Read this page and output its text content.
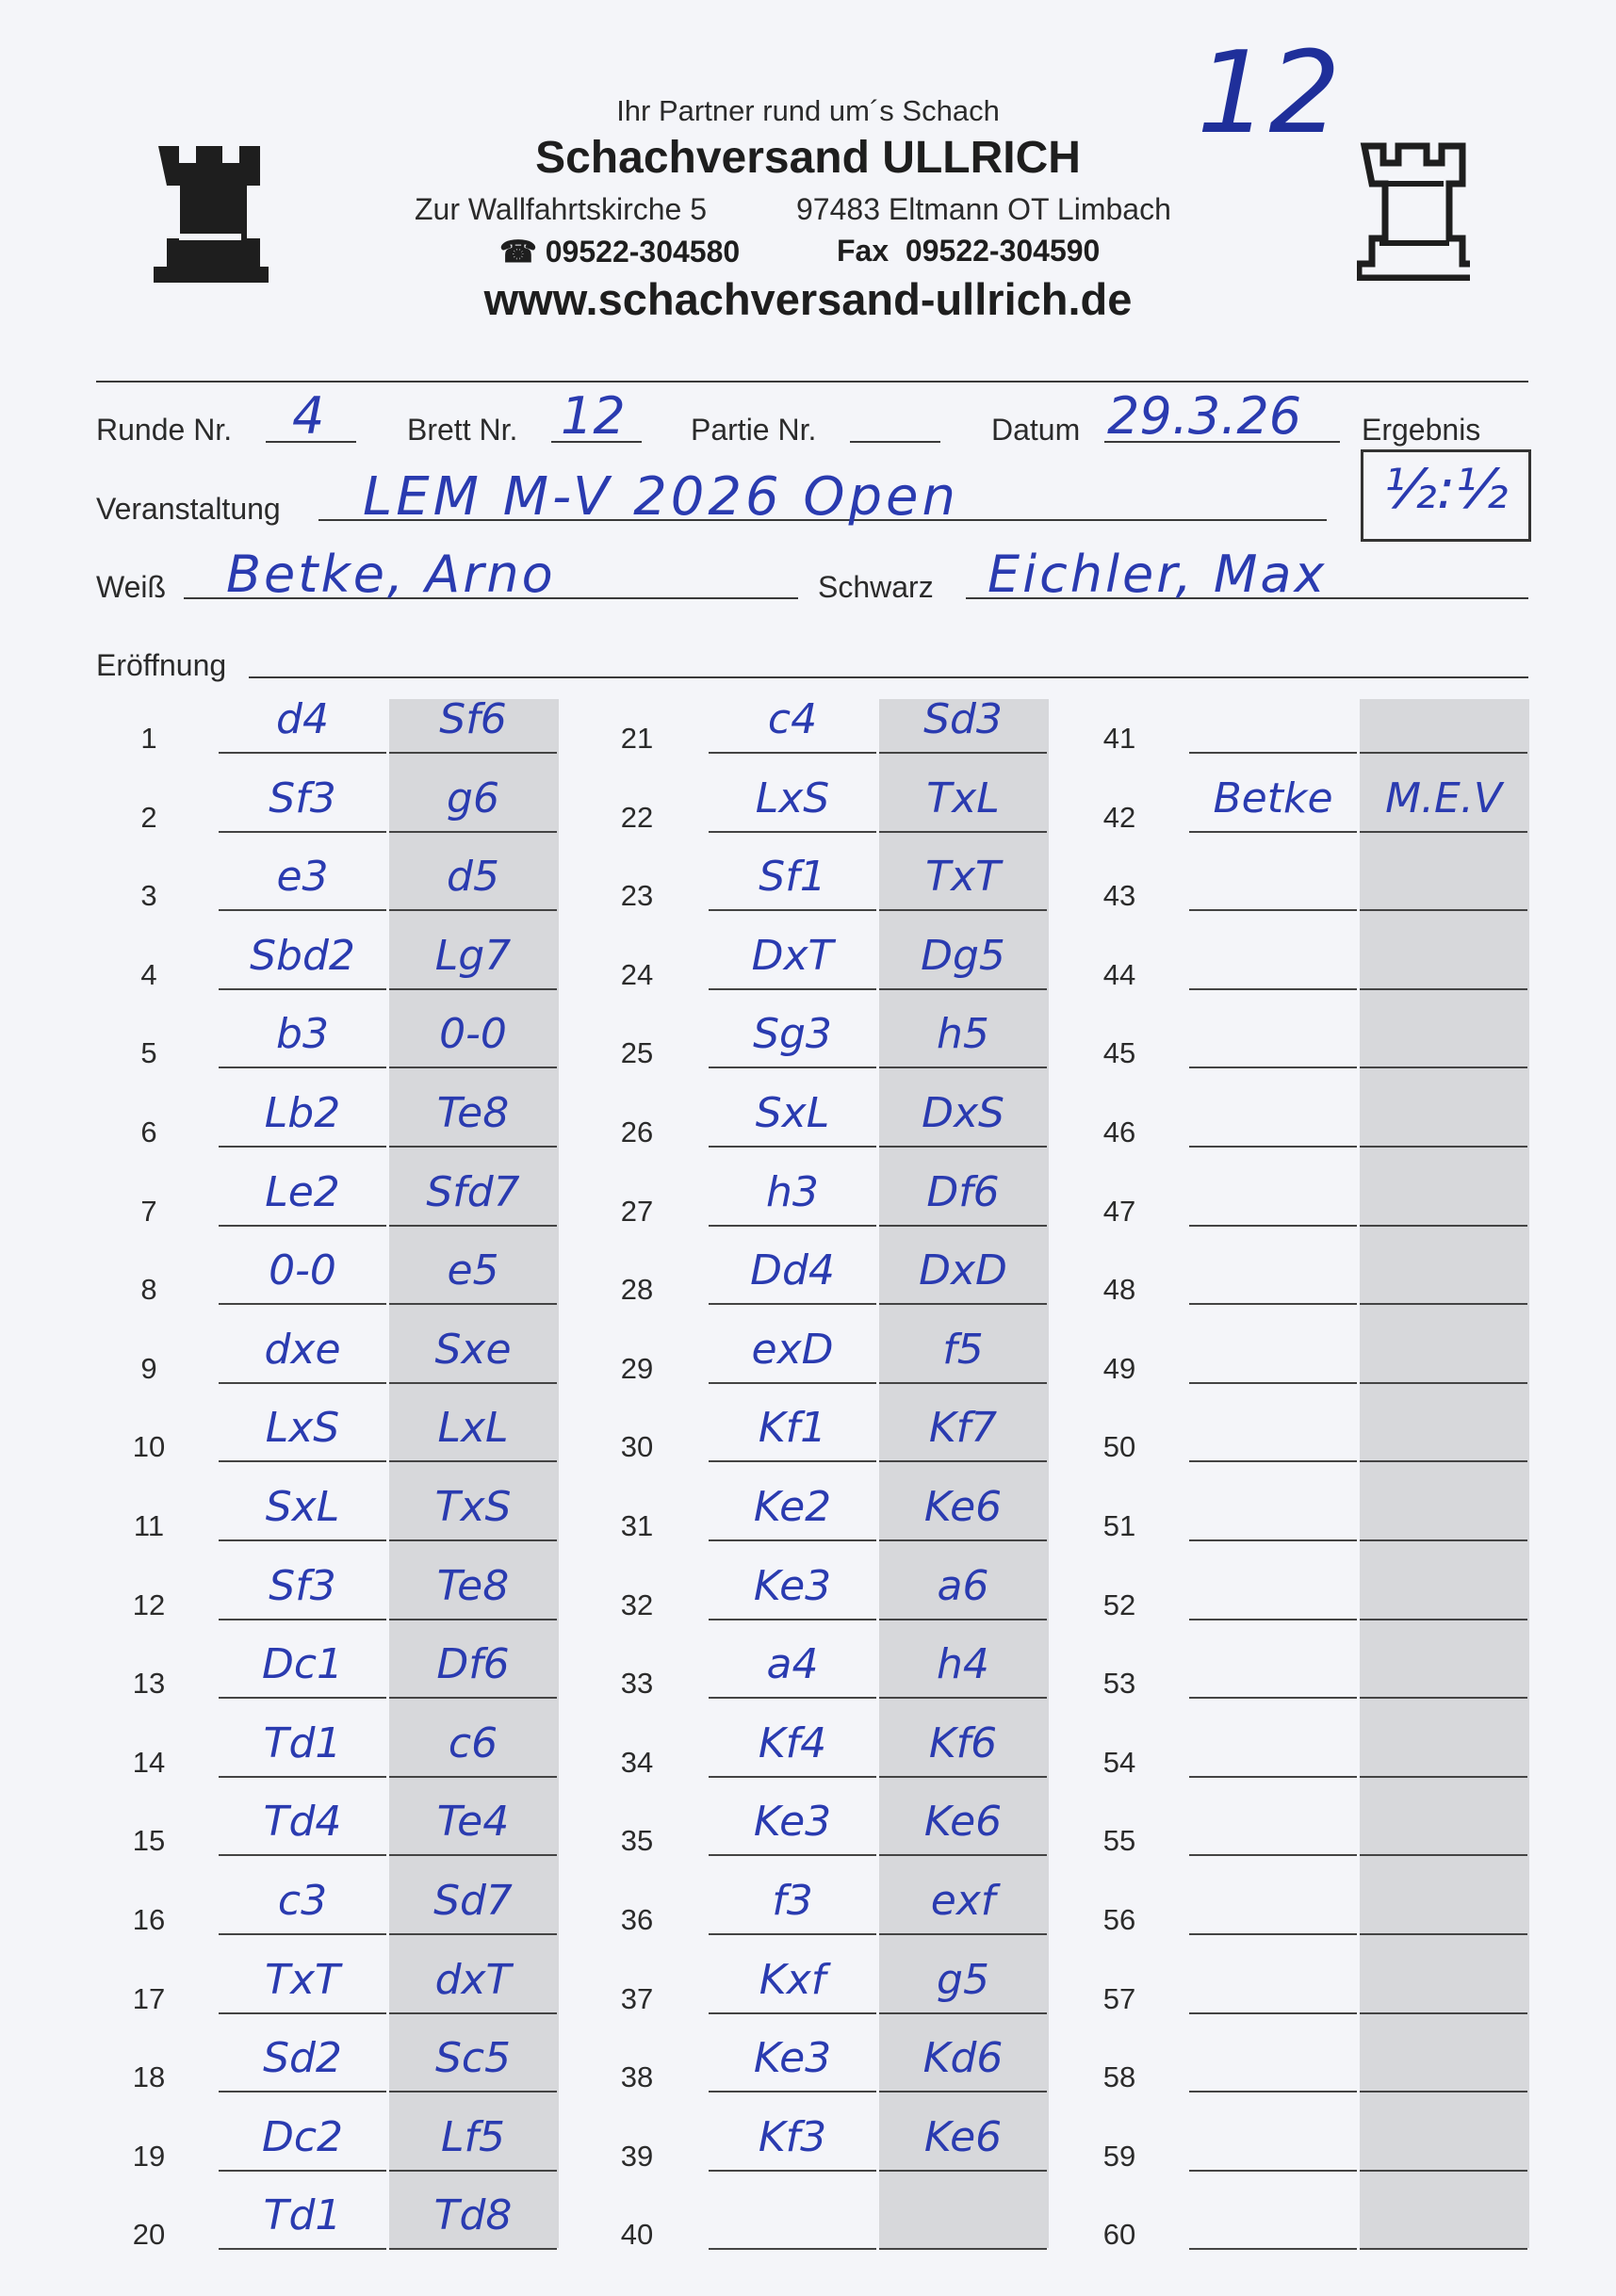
12
Ihr Partner rund um´s Schach
Schachversand ULLRICH
Zur Wallfahrtskirche 5	97483 Eltmann OT Limbach
☎ 09522-304580	Fax  09522-304590
www.schachversand-ullrich.de
Runde Nr. 4	Brett Nr. 12 Partie Nr.	Datum 29.3.26 Ergebnis
½:½
Veranstaltung LEM M-V 2026 Open
Weiß Betke, Arno	Schwarz Eichler, Max
Eröffnung
1	d4	Sf6
2	Sf3	g6
3	e3	d5
4	Sbd2	Lg7
5	b3	0-0
6	Lb2	Te8
7	Le2	Sfd7
8	0-0	e5
9	dxe	Sxe
10	LxS	LxL
11	SxL	TxS
12	Sf3	Te8
13	Dc1	Df6
14	Td1	c6
15	Td4	Te4
16	c3	Sd7
17	TxT	dxT
18	Sd2	Sc5
19	Dc2	Lf5
20	Td1	Td8
21	c4	Sd3
22	LxS	TxL
23	Sf1	TxT
24	DxT	Dg5
25	Sg3	h5
26	SxL	DxS
27	h3	Df6
28	Dd4	DxD
29	exD	f5
30	Kf1	Kf7
31	Ke2	Ke6
32	Ke3	a6
33	a4	h4
34	Kf4	Kf6
35	Ke3	Ke6
36	f3	exf
37	Kxf	g5
38	Ke3	Kd6
39	Kf3	Ke6
40
41
42	Betke	M.E.V
43
44
45
46
47
48
49
50
51
52
53
54
55
56
57
58
59
60
